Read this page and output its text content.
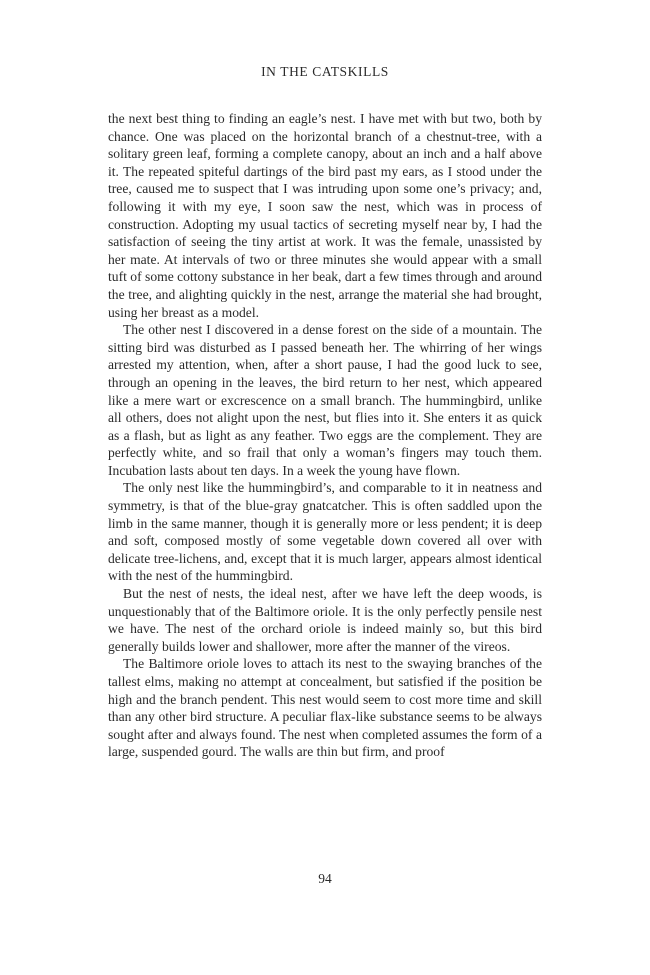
IN THE CATSKILLS

the next best thing to finding an eagle’s nest. I have met with but two, both by chance. One was placed on the horizontal branch of a chestnut-tree, with a solitary green leaf, forming a complete canopy, about an inch and a half above it. The repeated spiteful dartings of the bird past my ears, as I stood under the tree, caused me to suspect that I was intruding upon some one’s privacy; and, following it with my eye, I soon saw the nest, which was in process of construction. Adopting my usual tactics of secreting myself near by, I had the satisfaction of seeing the tiny artist at work. It was the female, unassisted by her mate. At intervals of two or three minutes she would appear with a small tuft of some cottony substance in her beak, dart a few times through and around the tree, and alighting quickly in the nest, arrange the material she had brought, using her breast as a model.

The other nest I discovered in a dense forest on the side of a mountain. The sitting bird was disturbed as I passed beneath her. The whirring of her wings arrested my attention, when, after a short pause, I had the good luck to see, through an opening in the leaves, the bird return to her nest, which appeared like a mere wart or excrescence on a small branch. The hummingbird, unlike all others, does not alight upon the nest, but flies into it. She enters it as quick as a flash, but as light as any feather. Two eggs are the complement. They are perfectly white, and so frail that only a woman’s fingers may touch them. Incubation lasts about ten days. In a week the young have flown.

The only nest like the hummingbird’s, and comparable to it in neatness and symmetry, is that of the blue-gray gnatcatcher. This is often saddled upon the limb in the same manner, though it is generally more or less pendent; it is deep and soft, composed mostly of some vegetable down covered all over with delicate tree-lichens, and, except that it is much larger, appears almost identical with the nest of the hummingbird.

But the nest of nests, the ideal nest, after we have left the deep woods, is unquestionably that of the Baltimore oriole. It is the only perfectly pensile nest we have. The nest of the orchard oriole is indeed mainly so, but this bird generally builds lower and shallower, more after the manner of the vireos.

The Baltimore oriole loves to attach its nest to the swaying branches of the tallest elms, making no attempt at concealment, but satisfied if the position be high and the branch pendent. This nest would seem to cost more time and skill than any other bird structure. A peculiar flax-like substance seems to be always sought after and always found. The nest when completed assumes the form of a large, suspended gourd. The walls are thin but firm, and proof

94
